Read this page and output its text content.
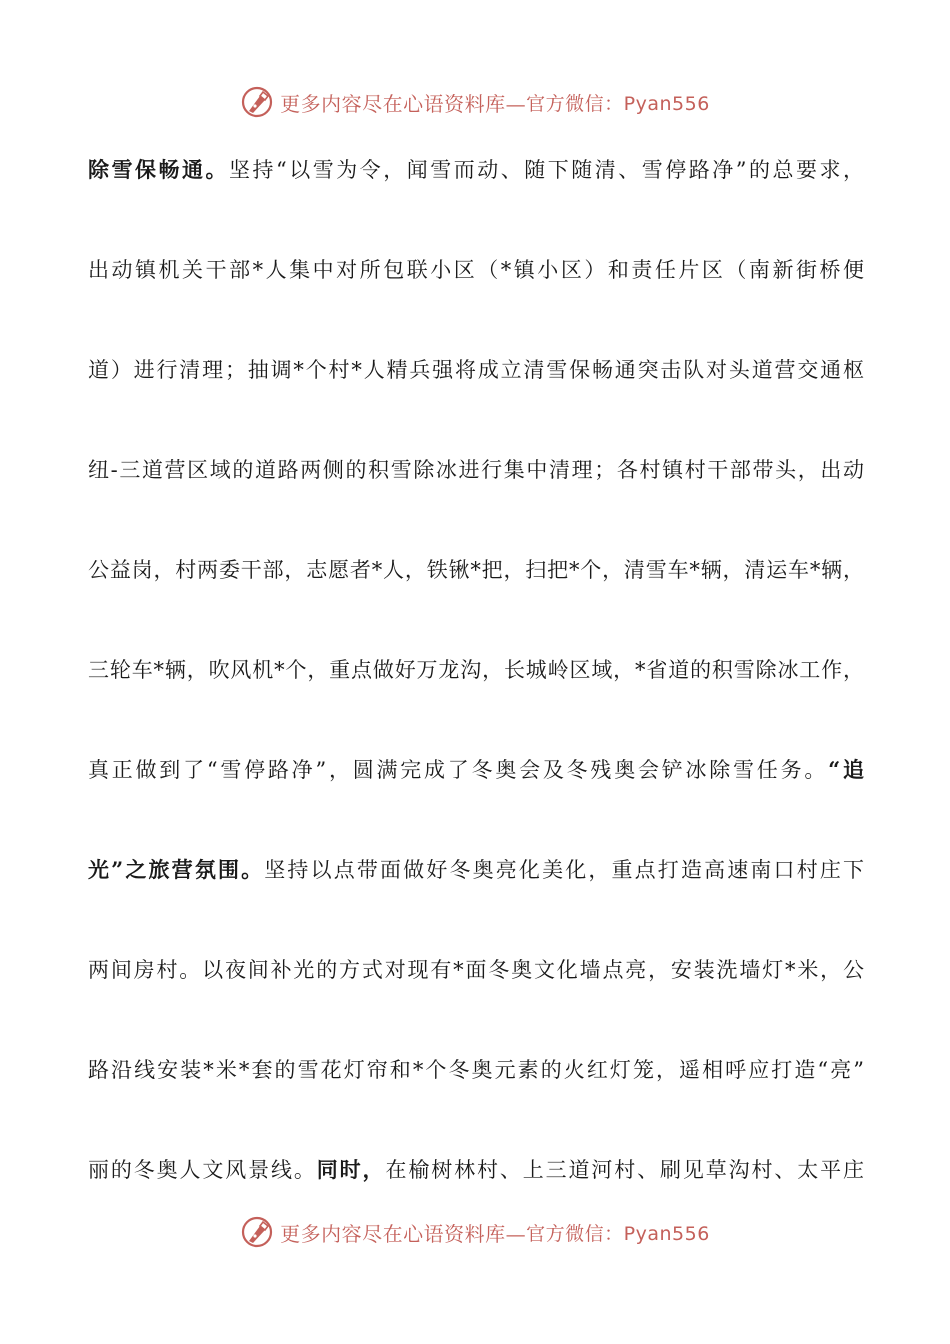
更多内容尽在心语资料库— 官方微信：Pyan556
除雪保畅通。坚持“以雪为令，闻雪而动、随下随清、雪停路净”的总要求，
出动镇机关干部*人集中对所包联小区（*镇小区）和责任片区（南新街桥便
道）进行清理；抽调*个村*人精兵强将成立清雪保畅通突击队对头道营交通枢
纽-三道营区域的道路两侧的积雪除冰进行集中清理；各村镇村干部带头，出动
公益岗，村两委干部，志愿者*人，铁锹*把，扫把*个，清雪车*辆，清运车*辆，
三轮车*辆，吹风机*个，重点做好万龙沟，长城岭区域，*省道的积雪除冰工作，
真正做到了“雪停路净”，圆满完成了冬奥会及冬残奥会铲冰除雪任务。“追
光”之旅营氛围。坚持以点带面做好冬奥亮化美化，重点打造高速南口村庄下
两间房村。以夜间补光的方式对现有*面冬奥文化墙点亮，安装洗墙灯*米，公
路沿线安装*米*套的雪花灯帘和*个冬奥元素的火红灯笼，遥相呼应打造“亮”
丽的冬奥人文风景线。同时，在榆树林村、上三道河村、刷见草沟村、太平庄
更多内容尽在心语资料库— 官方微信：Pyan556
